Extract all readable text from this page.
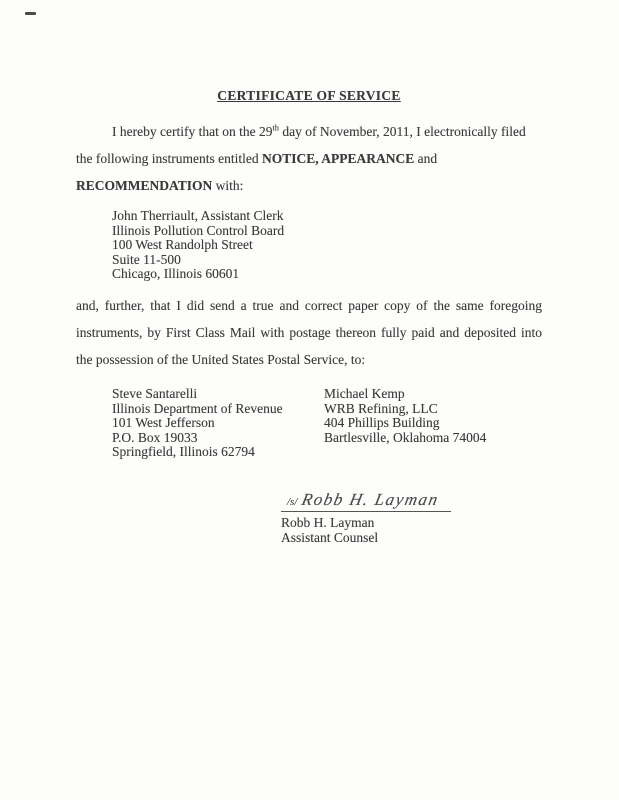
CERTIFICATE OF SERVICE

I hereby certify that on the 29th day of November, 2011, I electronically filed the following instruments entitled NOTICE, APPEARANCE and RECOMMENDATION with:

John Therriault, Assistant Clerk
Illinois Pollution Control Board
100 West Randolph Street
Suite 11-500
Chicago, Illinois 60601

and, further, that I did send a true and correct paper copy of the same foregoing instruments, by First Class Mail with postage thereon fully paid and deposited into the possession of the United States Postal Service, to:

Steve Santarelli
Illinois Department of Revenue
101 West Jefferson
P.O. Box 19033
Springfield, Illinois 62794
Michael Kemp
WRB Refining, LLC
404 Phillips Building
Bartlesville, Oklahoma 74004
/s/ Robb H. Layman
Robb H. Layman
Assistant Counsel
